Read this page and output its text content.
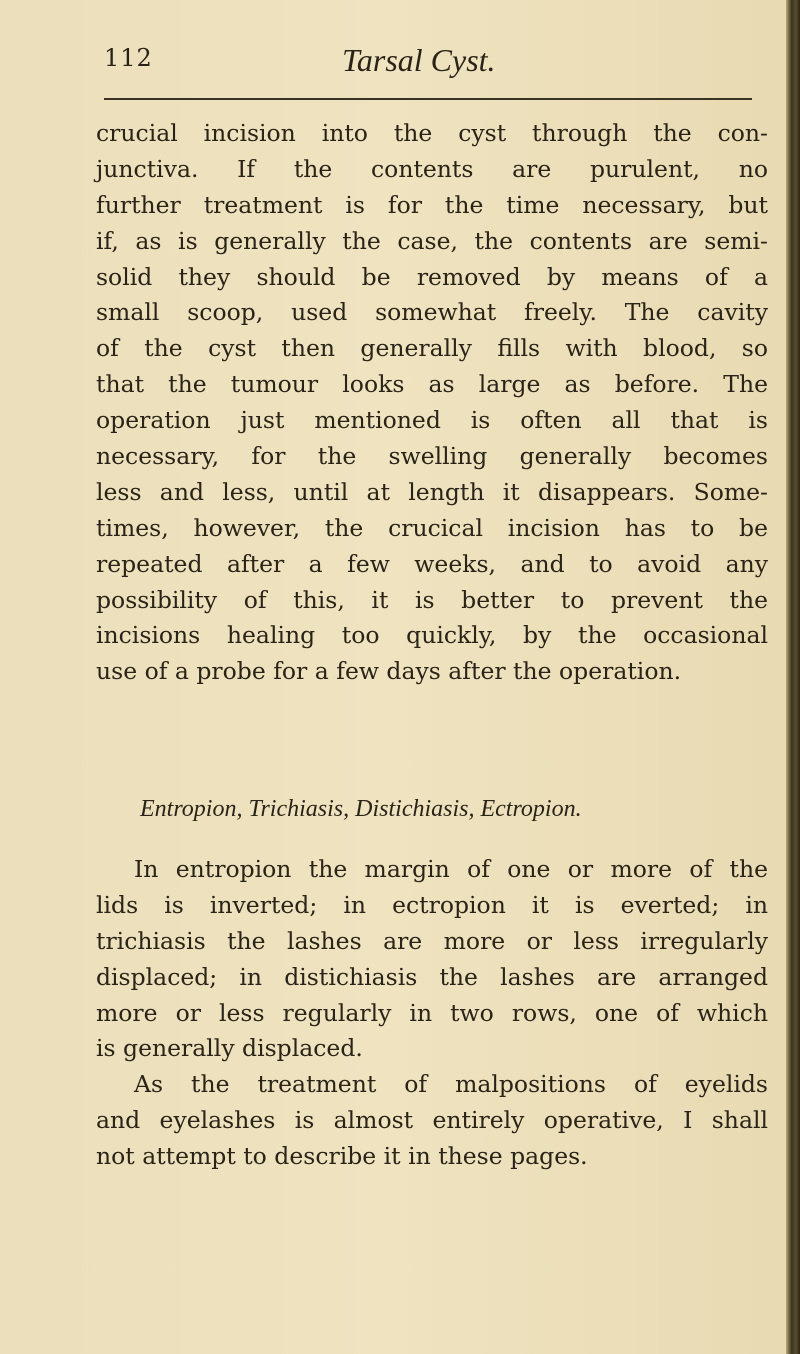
112	Tarsal Cyst.
crucial incision into the cyst through the con-
junctiva. If the contents are purulent, no
further treatment is for the time necessary, but
if, as is generally the case, the contents are semi-
solid they should be removed by means of a
small scoop, used somewhat freely. The cavity
of the cyst then generally fills with blood, so
that the tumour looks as large as before. The
operation just mentioned is often all that is
necessary, for the swelling generally becomes
less and less, until at length it disappears. Some-
times, however, the crucical incision has to be
repeated after a few weeks, and to avoid any
possibility of this, it is better to prevent the
incisions healing too quickly, by the occasional
use of a probe for a few days after the operation.
Entropion, Trichiasis, Distichiasis, Ectropion.
In entropion the margin of one or more of the
lids is inverted; in ectropion it is everted; in
trichiasis the lashes are more or less irregularly
displaced; in distichiasis the lashes are arranged
more or less regularly in two rows, one of which
is generally displaced.
As the treatment of malpositions of eyelids
and eyelashes is almost entirely operative, I shall
not attempt to describe it in these pages.
